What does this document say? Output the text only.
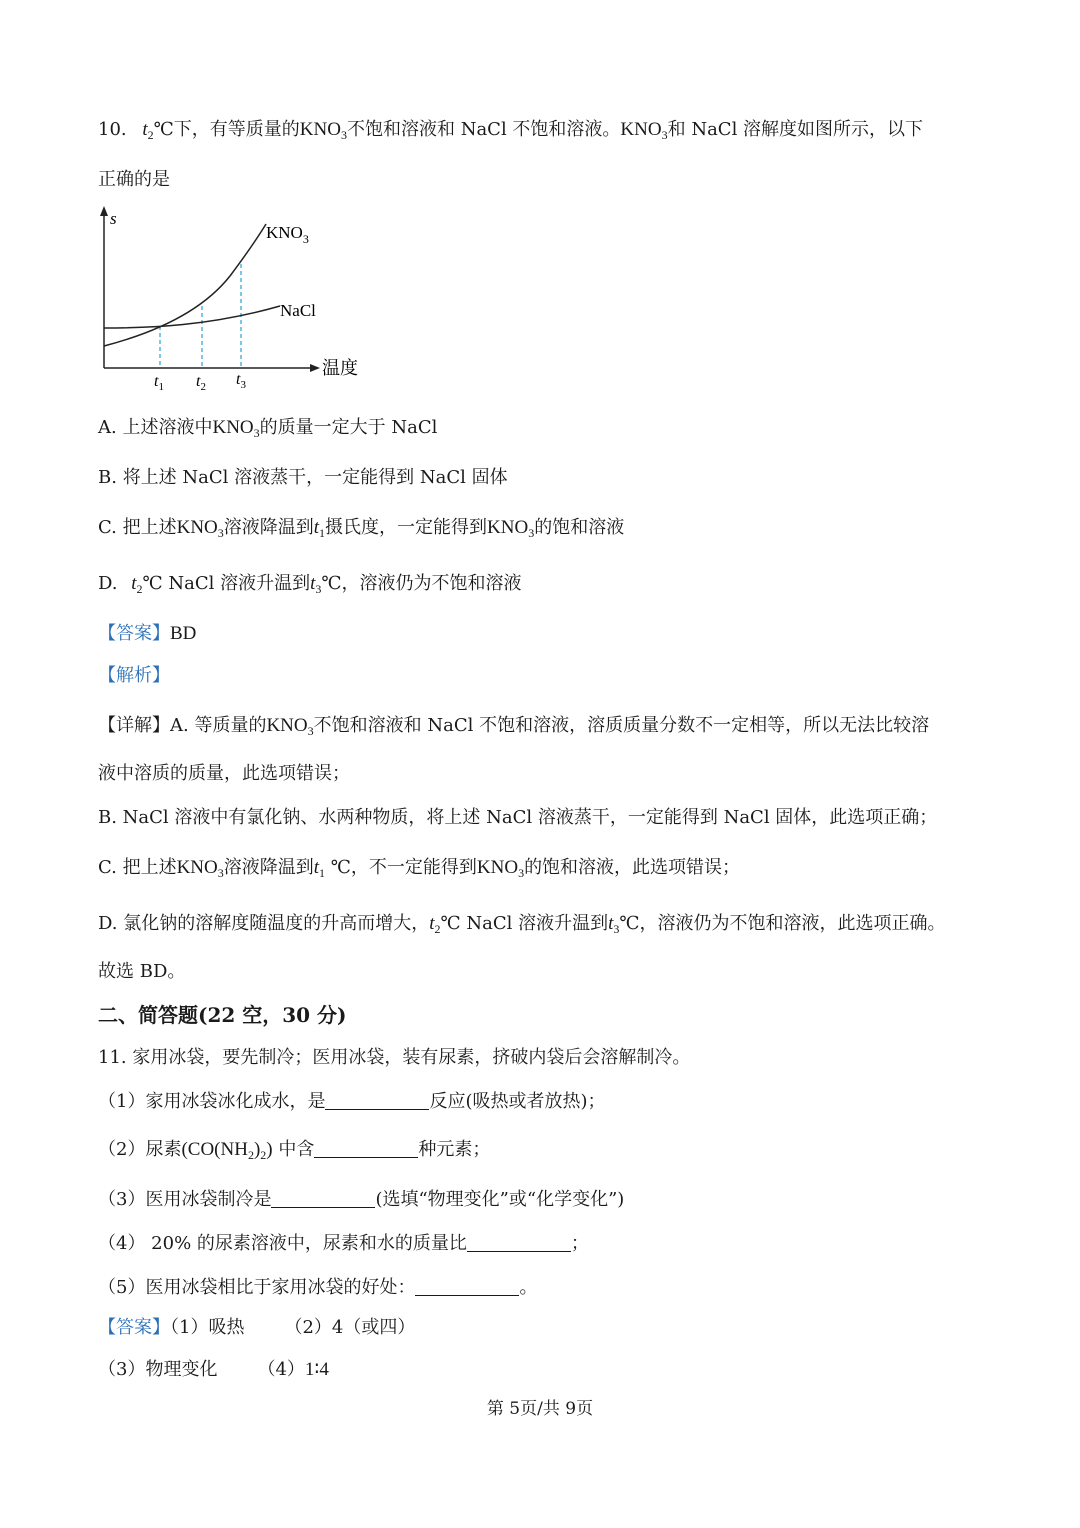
10. $t_2℃$下，有等质量的$KNO_3$不饱和溶液和 NaCl 不饱和溶液。$KNO_3$和 NaCl 溶解度如图所示，以下
正确的是
s
温度
$KNO_3$
NaCl
$t_1$ $t_2$ $t_3$
A. 上述溶液中$KNO_3$的质量一定大于 NaCl
B. 将上述 NaCl 溶液蒸干，一定能得到 NaCl 固体
C. 把上述$KNO_3$溶液降温到$t_1$摄氏度，一定能得到$KNO_3$的饱和溶液
D. $t_2℃$ NaCl 溶液升温到$t_3℃$，溶液仍为不饱和溶液
【答案】BD
【解析】
【详解】A. 等质量的$KNO_3$不饱和溶液和 NaCl 不饱和溶液，溶质质量分数不一定相等，所以无法比较溶
液中溶质的质量，此选项错误；
B. NaCl 溶液中有氯化钠、水两种物质，将上述 NaCl 溶液蒸干，一定能得到 NaCl 固体，此选项正确；
C. 把上述$KNO_3$溶液降温到$t_1$ ℃，不一定能得到$KNO_3$的饱和溶液，此选项错误；
D. 氯化钠的溶解度随温度的升高而增大，$t_2℃$ NaCl 溶液升温到$t_3℃$，溶液仍为不饱和溶液，此选项正确。
故选 BD。
二、简答题(22 空，30 分)
11. 家用冰袋，要先制冷；医用冰袋，装有尿素，挤破内袋后会溶解制冷。
（1）家用冰袋冰化成水，是	反应(吸热或者放热)；
（2）尿素$(CO(NH_2)_2)$ 中含	种元素；
（3）医用冰袋制冷是	(选填“物理变化”或“化学变化”)
（4） 20% 的尿素溶液中，尿素和水的质量比	；
（5）医用冰袋相比于家用冰袋的好处：	。
【答案】（1）吸热 （2）4（或四）
（3）物理变化 （4）1∶4
第 5页/共 9页
